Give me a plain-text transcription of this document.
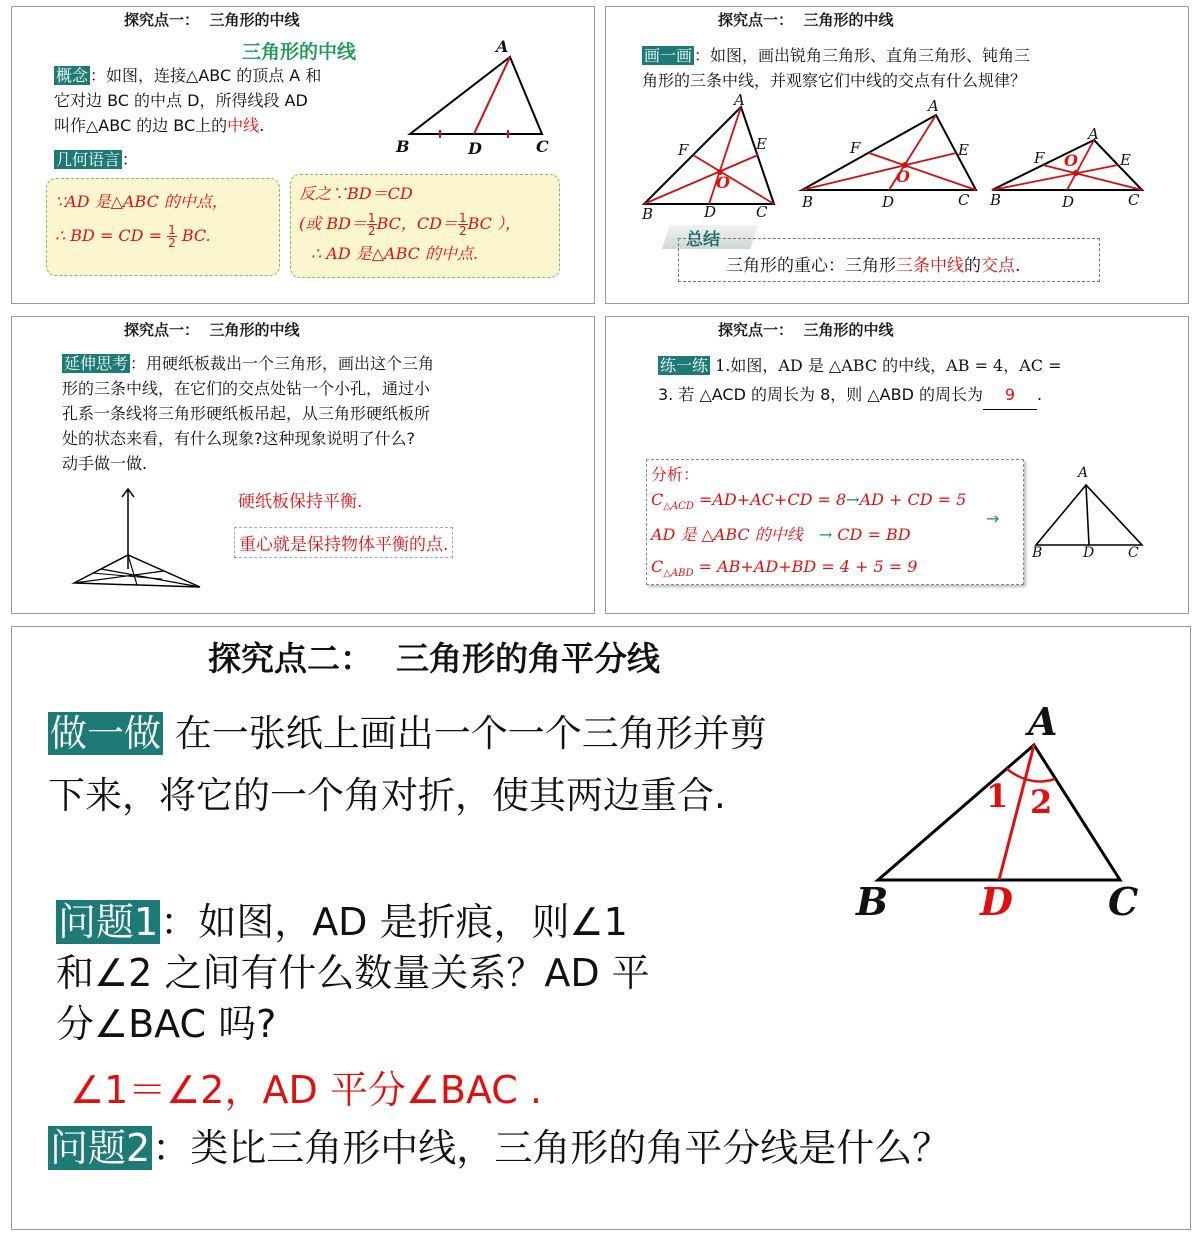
探究点一：  三角形的中线
三角形的中线
概念 ：如图，连接△ABC 的顶点 A 和
它对边 BC 的中点 D，所得线段 AD
叫作△ABC 的边 BC上的中线.
几何语言 ：
A
B	D	C
∵AD 是△ABC 的中点，
∴ BD = CD = $\frac{1}{2}$ BC.
反之∵BD＝CD
(或 $BD= \frac{1}{2}$ BC，$CD= \frac{1}{2}$ BC ），
∴ AD 是△ABC 的中点.
探究点一：  三角形的中线
画一画 ：如图，画出锐角三角形、直角三角形、钝角三
角形的三条中线，并观察它们中线的交点有什么规律？
A
F	E
O
B	D	C
A
F	E
O
B	D	C
A
F	E
O
B	D	C
总结
三角形的重心：三角形三条中线的交点.
探究点一：  三角形的中线
延伸思考 ：用硬纸板裁出一个三角形，画出这个三角
形的三条中线，在它们的交点处钻一个小孔，通过小
孔系一条线将三角形硬纸板吊起，从三角形硬纸板所
处的状态来看，有什么现象?这种现象说明了什么?
动手做一做.
硬纸板保持平衡.
重心就是保持物体平衡的点.
探究点一：  三角形的中线
练一练 1.如图，AD 是 △ABC 的中线，AB = 4，AC =
3. 若 △ACD 的周长为 8，则 △ABD 的周长为 9 .
分析：
$C_{\triangle ACD} =AD+AC+CD = 8\to AD$ + CD = 5
AD 是 △ABC 的中线 → CD = BD
$C_{\triangle ABD} = AB+AD+BD = 4 + 5 = 9$
→
A
B	D C
探究点二：  三角形的角平分线
做一做 在一张纸上画出一个一个三角形并剪
下来，将它的一个角对折，使其两边重合.
A
1 2
B D	C
问题1：如图，AD 是折痕，则∠1
和∠2 之间有什么数量关系？AD 平
分∠BAC 吗?
∠1＝∠2，AD 平分∠BAC .
问题2：类比三角形中线，三角形的角平分线是什么？
